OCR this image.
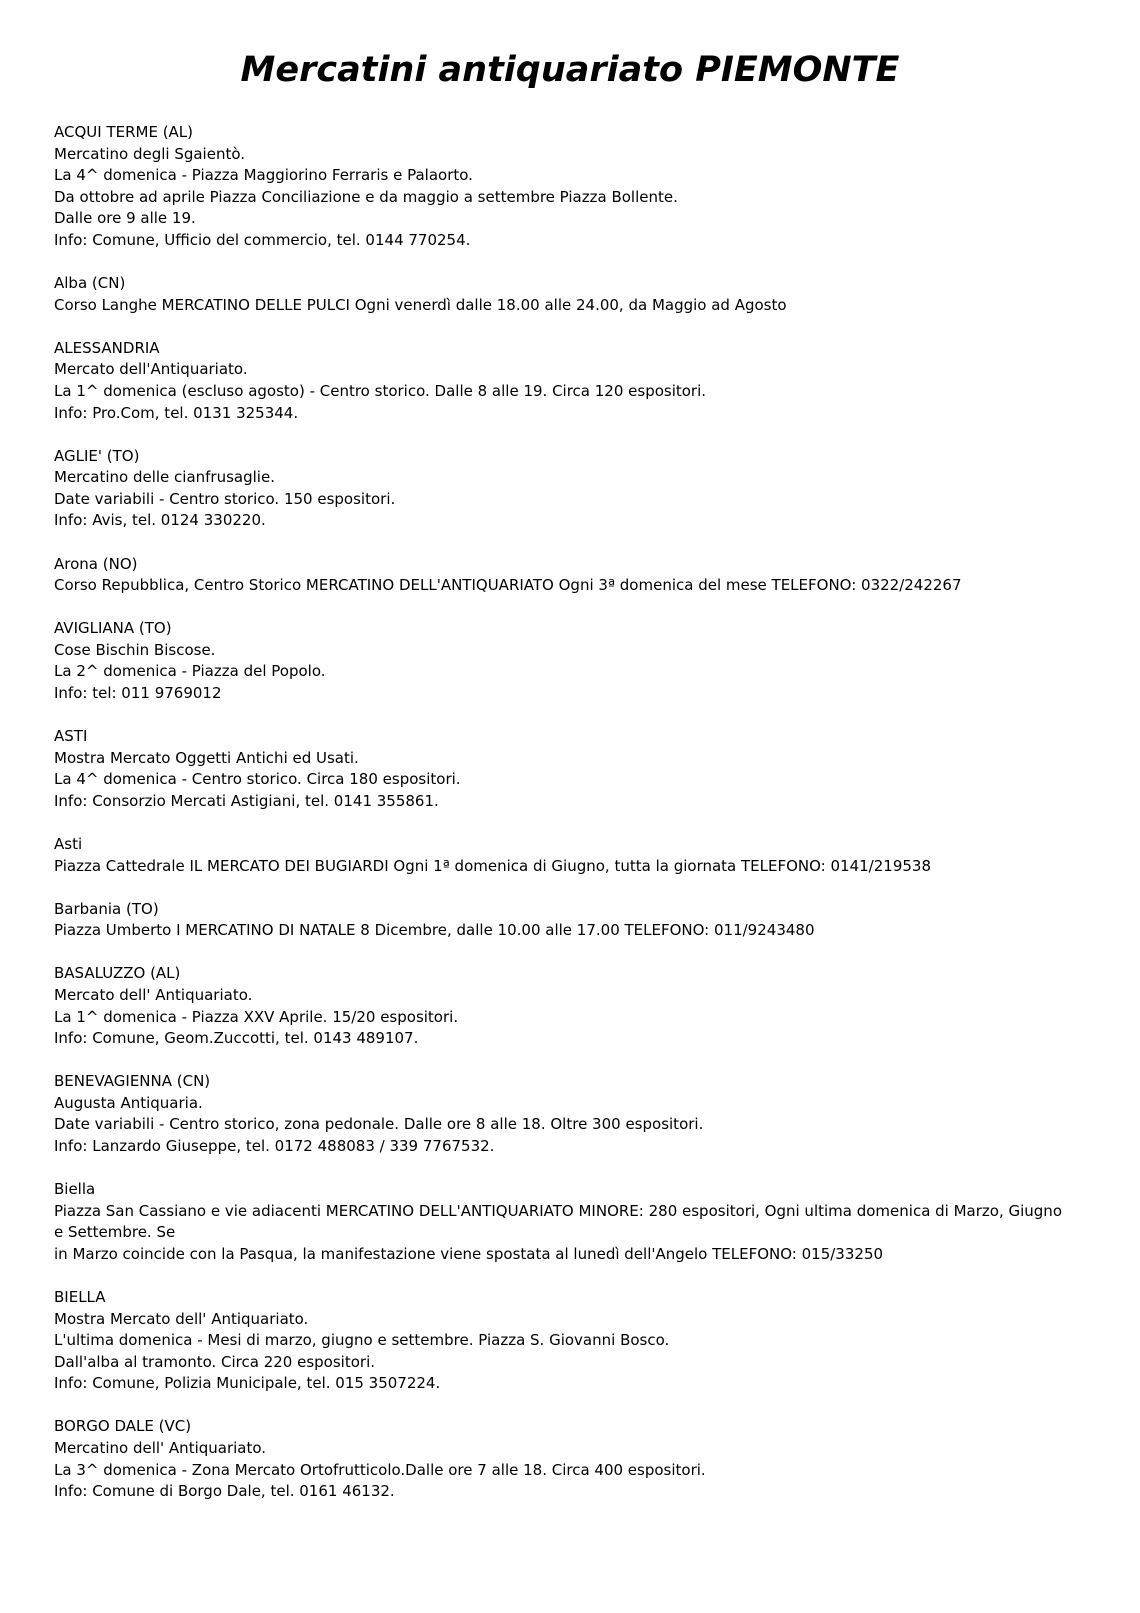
Mercatini antiquariato PIEMONTE
ACQUI TERME (AL)
Mercatino degli Sgaientò.
La 4^ domenica - Piazza Maggiorino Ferraris e Palaorto.
Da ottobre ad aprile Piazza Conciliazione e da maggio a settembre Piazza Bollente.
Dalle ore 9 alle 19.
Info: Comune, Ufficio del commercio, tel. 0144 770254.
Alba (CN)
Corso Langhe MERCATINO DELLE PULCI Ogni venerdì dalle 18.00 alle 24.00, da Maggio ad Agosto
ALESSANDRIA
Mercato dell'Antiquariato.
La 1^ domenica (escluso agosto) - Centro storico. Dalle 8 alle 19. Circa 120 espositori.
Info: Pro.Com, tel. 0131 325344.
AGLIE' (TO)
Mercatino delle cianfrusaglie.
Date variabili - Centro storico. 150 espositori.
Info: Avis, tel. 0124 330220.
Arona (NO)
Corso Repubblica, Centro Storico MERCATINO DELL'ANTIQUARIATO Ogni 3ª domenica del mese TELEFONO: 0322/242267
AVIGLIANA (TO)
Cose Bischin Biscose.
La 2^ domenica - Piazza del Popolo.
Info: tel: 011 9769012
ASTI
Mostra Mercato Oggetti Antichi ed Usati.
La 4^ domenica - Centro storico. Circa 180 espositori.
Info: Consorzio Mercati Astigiani, tel. 0141 355861.
Asti
Piazza Cattedrale IL MERCATO DEI BUGIARDI Ogni 1ª domenica di Giugno, tutta la giornata TELEFONO: 0141/219538
Barbania (TO)
Piazza Umberto I MERCATINO DI NATALE 8 Dicembre, dalle 10.00 alle 17.00 TELEFONO: 011/9243480
BASALUZZO (AL)
Mercato dell' Antiquariato.
La 1^ domenica - Piazza XXV Aprile. 15/20 espositori.
Info: Comune, Geom.Zuccotti, tel. 0143 489107.
BENEVAGIENNA (CN)
Augusta Antiquaria.
Date variabili - Centro storico, zona pedonale. Dalle ore 8 alle 18. Oltre 300 espositori.
Info: Lanzardo Giuseppe, tel. 0172 488083 / 339 7767532.
Biella
Piazza San Cassiano e vie adiacenti MERCATINO DELL'ANTIQUARIATO MINORE: 280 espositori, Ogni ultima domenica di Marzo, Giugno
e Settembre. Se
in Marzo coincide con la Pasqua, la manifestazione viene spostata al lunedì dell'Angelo TELEFONO: 015/33250
BIELLA
Mostra Mercato dell' Antiquariato.
L'ultima domenica - Mesi di marzo, giugno e settembre. Piazza S. Giovanni Bosco.
Dall'alba al tramonto. Circa 220 espositori.
Info: Comune, Polizia Municipale, tel. 015 3507224.
BORGO DALE (VC)
Mercatino dell' Antiquariato.
La 3^ domenica - Zona Mercato Ortofrutticolo.Dalle ore 7 alle 18. Circa 400 espositori.
Info: Comune di Borgo Dale, tel. 0161 46132.
